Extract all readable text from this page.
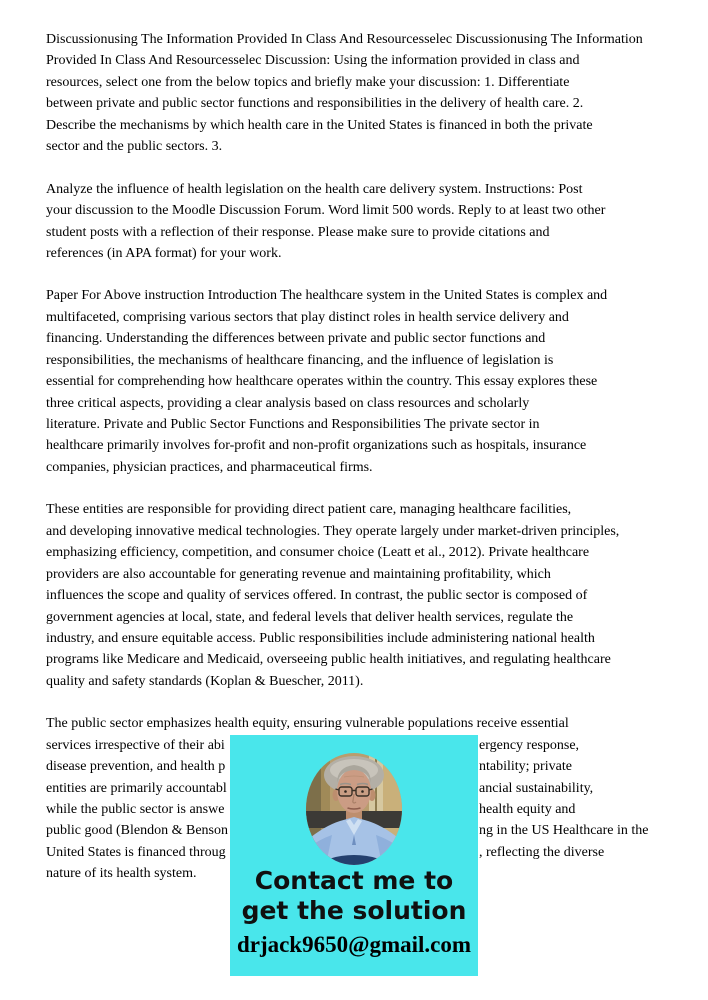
Discussionusing The Information Provided In Class And Resourcesselec Discussionusing The Information
Provided In Class And Resourcesselec Discussion: Using the information provided in class and
resources, select one from the below topics and briefly make your discussion: 1. Differentiate
between private and public sector functions and responsibilities in the delivery of health care. 2.
Describe the mechanisms by which health care in the United States is financed in both the private
sector and the public sectors. 3.
Analyze the influence of health legislation on the health care delivery system. Instructions: Post
your discussion to the Moodle Discussion Forum. Word limit 500 words. Reply to at least two other
student posts with a reflection of their response. Please make sure to provide citations and
references (in APA format) for your work.
Paper For Above instruction Introduction The healthcare system in the United States is complex and
multifaceted, comprising various sectors that play distinct roles in health service delivery and
financing. Understanding the differences between private and public sector functions and
responsibilities, the mechanisms of healthcare financing, and the influence of legislation is
essential for comprehending how healthcare operates within the country. This essay explores these
three critical aspects, providing a clear analysis based on class resources and scholarly
literature. Private and Public Sector Functions and Responsibilities The private sector in
healthcare primarily involves for-profit and non-profit organizations such as hospitals, insurance
companies, physician practices, and pharmaceutical firms.
These entities are responsible for providing direct patient care, managing healthcare facilities,
and developing innovative medical technologies. They operate largely under market-driven principles,
emphasizing efficiency, competition, and consumer choice (Leatt et al., 2012). Private healthcare
providers are also accountable for generating revenue and maintaining profitability, which
influences the scope and quality of services offered. In contrast, the public sector is composed of
government agencies at local, state, and federal levels that deliver health services, regulate the
industry, and ensure equitable access. Public responsibilities include administering national health
programs like Medicare and Medicaid, overseeing public health initiatives, and regulating healthcare
quality and safety standards (Koplan & Buescher, 2011).
The public sector emphasizes health equity, ensuring vulnerable populations receive essential
services irrespective of their abi	ergency response,
disease prevention, and health p	ntability; private
entities are primarily accountabl	ancial sustainability,
while the public sector is answe	health equity and
public good (Blendon & Benson	ng in the US Healthcare in the
United States is financed throug	, reflecting the diverse
nature of its health system.	Contact me to
get the solution
drjack9650@gmail.com
